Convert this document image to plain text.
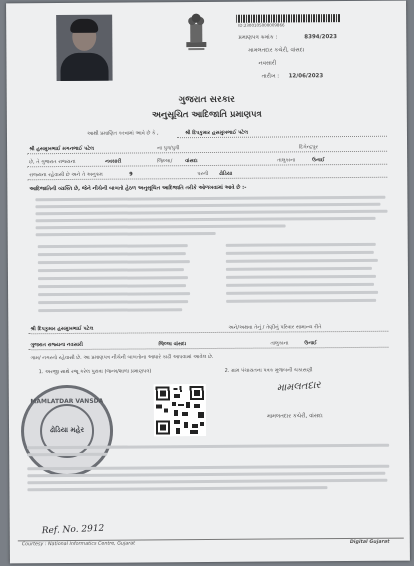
ID:2300105000009866
પ્રમાણપત્ર ક્રમાંક :	8394/2023
મામલતદાર કચેરી, વાંસદા
નવસારી
તારીખ : 12/06/2023
ગુજરાત સરકાર
અનુસૂચિત આદિજાતિ પ્રમાણપત્ર
આથી પ્રમાણિત કરવામાં આવે છે કે ,	શ્રી દિપકુમાર હસમુખભાઈ પટેલ
શ્રી હસમુખભાઈ મગનભાઈ પટેલ	ના પુત્ર/પુત્રી	દિગેન્દ્રપુર
છે, તે ગુજરાત રાજ્યના	નવસારી	જિલ્લા/	વાંસદા	તાલુકાના	ઉનાઈ
રાજ્યના રહેવાસી છે અને તે અનુક્રમ	9	પરની ઢોડિયા
આદિજાતિની વ્યક્તિ છે, જેને નીચેની બાબતો હેઠળ અનુસૂચિત આદિજાતિ તરીકે ઓળખવામાં આવે છે :-
શ્રી દિપકુમાર હસમુખભાઈ પટેલ	અને/અથવા તેનું / તેણીનું પરિવાર સામાન્ય રીતે
ગુજરાત રાજ્યના નવસારી	જિલ્લા વાંસદા	તાલુકાના	ઉનાઈ
ગામ/ નગરનો રહેવાસી છે. આ પ્રમાણપત્ર નીચેની બાબતોના આધારે કાઢી આપવામાં આવેલ છે.
1. અરજી સાથે રજૂ કરેલ પુરાવા (જન્મ/શાળા પ્રમાણપત્ર)	2. ગ્રામ પંચાયતના પત્રક મુજબની ચકાસણી
MAMLATDAR VANSDA
ઢોડિયા મહેર
મામલતદાર
મામલતદાર કચેરી, વાંસદા
Ref. No. 2912
Courtesy : National Informatics Centre, Gujarat	Digital Gujarat
